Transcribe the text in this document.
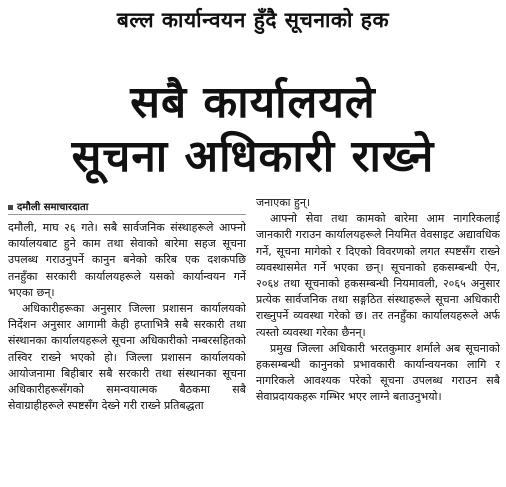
बल्ल कार्यान्वयन हुँदै सूचनाको हक
सबै कार्यालयले
सूचना अधिकारी राख्ने
दमौली समाचारदाता

दमौली, माघ २६ गते। सबै सार्वजनिक संस्थाहरूले आफ्नो कार्यालयबाट हुने काम तथा सेवाको बारेमा सहज सूचना उपलब्ध गराउनुपर्ने कानुन बनेको करिब एक दशकपछि तनहुँका सरकारी कार्यालयहरूले यसको कार्यान्वयन गर्ने भएका छन्।

अधिकारीहरूका अनुसार जिल्ला प्रशासन कार्यालयको निर्देशन अनुसार आगामी केही हप्ताभित्रै सबै सरकारी तथा संस्थानका कार्यालयहरूले सूचना अधिकारीको नम्बरसहितको तस्विर राख्ने भएको हो। जिल्ला प्रशासन कार्यालयको आयोजनामा बिहीबार सबै सरकारी तथा संस्थानका सूचना अधिकारीहरूसँगको समन्वयात्मक बैठकमा सबै सेवाग्राहीहरूले स्पष्टसँग देख्ने गरी राख्ने प्रतिबद्धता

जनाएका हुन्।

आफ्नो सेवा तथा कामको बारेमा आम नागरिकलाई जानकारी गराउन कार्यालयहरूले नियमित वेवसाइट अद्यावधिक गर्ने, सूचना मागेको र दिएको विवरणको लगत स्पष्टसँग राख्ने व्यवस्थासमेत गर्ने भएका छन्। सूचनाको हकसम्बन्धी ऐन, २०६४ तथा सूचनाको हकसम्बन्धी नियमावली, २०६५ अनुसार प्रत्येक सार्वजनिक तथा सङ्गठित संस्थाहरूले सूचना अधिकारी राख्नुपर्ने व्यवस्था गरेको छ। तर तनहुँका कार्यालयहरूले अर्फ त्यस्तो व्यवस्था गरेका छैनन्।

प्रमुख जिल्ला अधिकारी भरतकुमार शर्माले अब सूचनाको हकसम्बन्धी कानुनको प्रभावकारी कार्यान्वयनका लागि र नागरिकले आवश्यक परेको सूचना उपलब्ध गराउन सबै सेवाप्रदायकहरू गम्भिर भएर लाग्ने बताउनुभयो।
